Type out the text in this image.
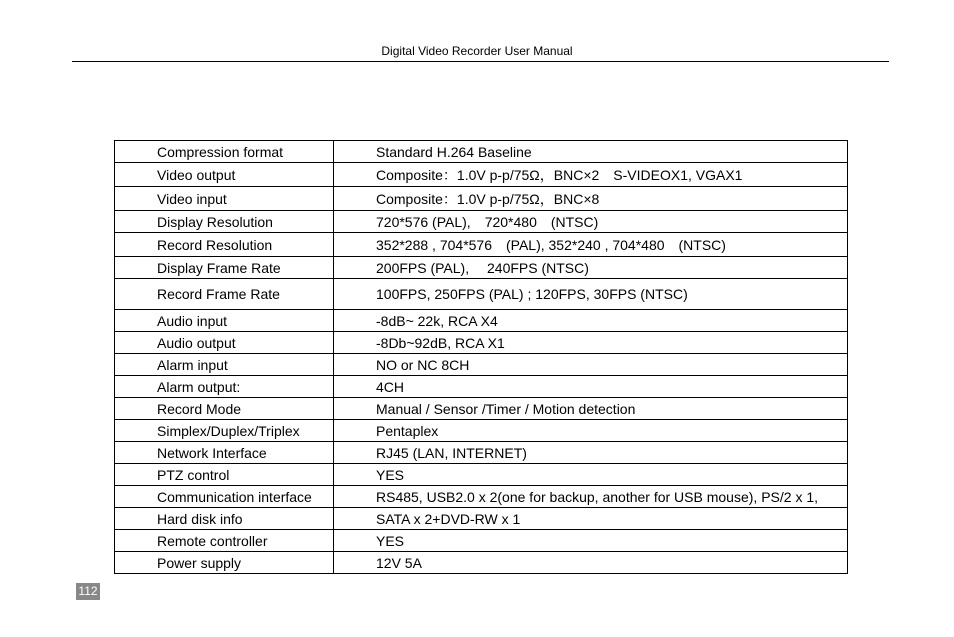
Digital Video Recorder User Manual
Compression format	Standard H.264 Baseline
Video output	Composite：1.0V p-p/75Ω，BNC×2　S-VIDEOX1, VGAX1
Video input	Composite：1.0V p-p/75Ω，BNC×8
Display Resolution	720*576 (PAL),　720*480　(NTSC)
Record Resolution	352*288 , 704*576　(PAL), 352*240 , 704*480　(NTSC)
Display Frame Rate	200FPS (PAL),　 240FPS (NTSC)
Record Frame Rate	100FPS, 250FPS (PAL) ; 120FPS, 30FPS (NTSC)
Audio input	-8dB~ 22k, RCA X4
Audio output	-8Db~92dB, RCA X1
Alarm input	NO or NC 8CH
Alarm output:	4CH
Record Mode	Manual / Sensor /Timer / Motion detection
Simplex/Duplex/Triplex	Pentaplex
Network Interface	RJ45 (LAN, INTERNET)
PTZ control	YES
Communication interface	RS485, USB2.0 x 2(one for backup, another for USB mouse), PS/2 x 1,
Hard disk info	SATA x 2+DVD-RW x 1
Remote controller	YES
Power supply	12V 5A
112
